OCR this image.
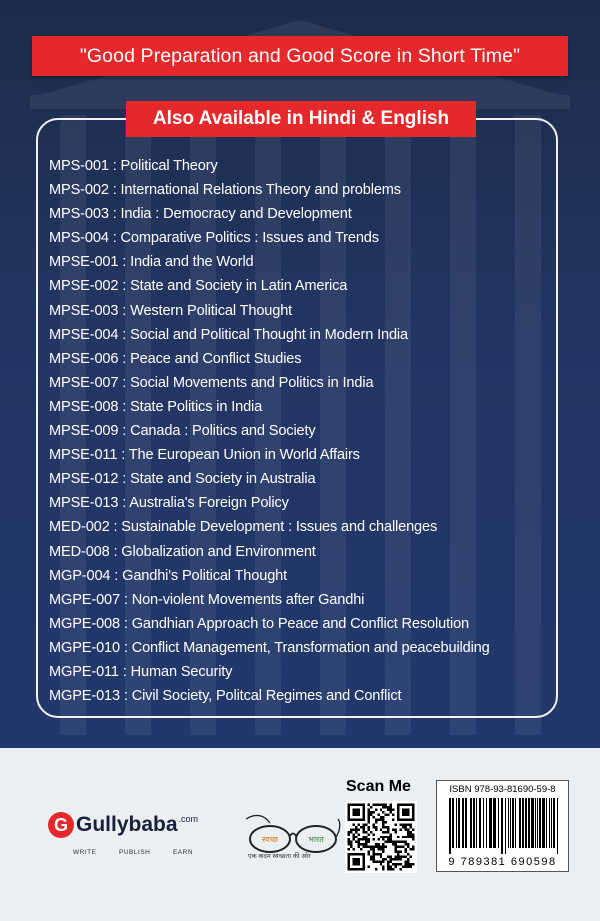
"Good Preparation and Good Score in Short Time"
Also Available in Hindi & English
MPS-001 : Political Theory
MPS-002 : International Relations Theory and problems
MPS-003 : India : Democracy and Development
MPS-004 : Comparative Politics : Issues and Trends
MPSE-001 : India and the World
MPSE-002 : State and Society in Latin America
MPSE-003 : Western Political Thought
MPSE-004 : Social and Political Thought in Modern India
MPSE-006 : Peace and Conflict Studies
MPSE-007 : Social Movements and Politics in India
MPSE-008 : State Politics in India
MPSE-009 : Canada : Politics and Society
MPSE-011 : The European Union in World Affairs
MPSE-012 : State and Society in Australia
MPSE-013 : Australia's Foreign Policy
MED-002 : Sustainable Development : Issues and challenges
MED-008 : Globalization and Environment
MGP-004 : Gandhi's Political Thought
MGPE-007 : Non-violent Movements after Gandhi
MGPE-008 : Gandhian Approach to Peace and Conflict Resolution
MGPE-010 : Conflict Management, Transformation and peacebuilding
MGPE-011 : Human Security
MGPE-013 : Civil Society, Politcal Regimes and Conflict
G Gullybaba .com
WRITE	PUBLISH	EARN
स्वच्छ	भारत
एक कदम स्वच्छता की ओर
Scan Me	ISBN 978-93-81690-59-8
9 789381 690598
